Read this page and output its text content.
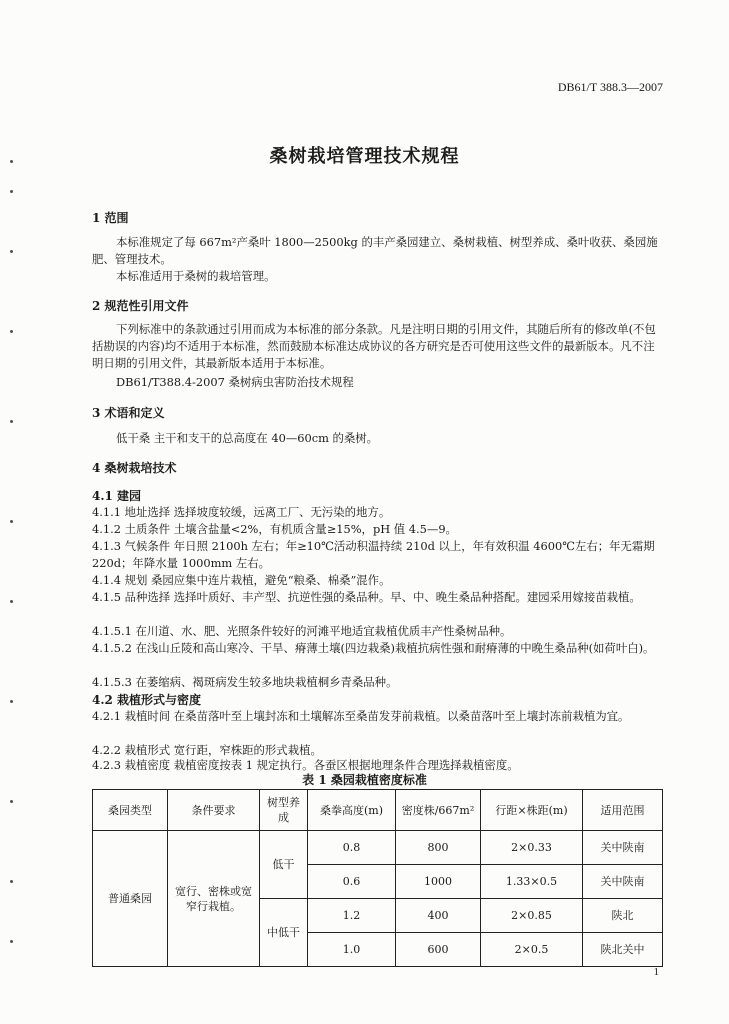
DB61/T 388.3—2007
桑树栽培管理技术规程
1 范围
本标准规定了每 667m²产桑叶 1800—2500kg 的丰产桑园建立、桑树栽植、树型养成、桑叶收获、桑园施肥、管理技术。
本标准适用于桑树的栽培管理。
2 规范性引用文件
下列标准中的条款通过引用而成为本标准的部分条款。凡是注明日期的引用文件，其随后所有的修改单(不包括勘误的内容)均不适用于本标准，然而鼓励本标准达成协议的各方研究是否可使用这些文件的最新版本。凡不注明日期的引用文件，其最新版本适用于本标准。
DB61/T388.4-2007 桑树病虫害防治技术规程
3 术语和定义
低干桑 主干和支干的总高度在 40—60cm 的桑树。
4 桑树栽培技术
4.1 建园
4.1.1 地址选择 选择坡度较缓，远离工厂、无污染的地方。
4.1.2 土质条件 土壤含盐量<2%，有机质含量≥15%，pH 值 4.5—9。
4.1.3 气候条件 年日照 2100h 左右；年≥10℃活动积温持续 210d 以上，年有效积温 4600℃左右；年无霜期 220d；年降水量 1000mm 左右。
4.1.4 规划 桑园应集中连片栽植，避免“粮桑、棉桑”混作。
4.1.5 品种选择 选择叶质好、丰产型、抗逆性强的桑品种。早、中、晚生桑品种搭配。建园采用嫁接苗栽植。
4.1.5.1 在川道、水、肥、光照条件较好的河滩平地适宜栽植优质丰产性桑树品种。
4.1.5.2 在浅山丘陵和高山寒冷、干旱、瘠薄土壤(四边栽桑)栽植抗病性强和耐瘠薄的中晚生桑品种(如荷叶白)。
4.1.5.3 在萎缩病、褐斑病发生较多地块栽植桐乡青桑品种。
4.2 栽植形式与密度
4.2.1 栽植时间 在桑苗落叶至上壤封冻和土壤解冻至桑苗发芽前栽植。以桑苗落叶至上壤封冻前栽植为宜。
4.2.2 栽植形式 宽行距，窄株距的形式栽植。
4.2.3 栽植密度 栽植密度按表 1 规定执行。各蚕区根据地理条件合理选择栽植密度。
表 1 桑园栽植密度标准
桑园类型	条件要求	树型养成	桑拳高度(m)	密度株/667m²	行距×株距(m)	适用范围
普通桑园	宽行、密株或宽窄行栽植。	低干	0.8	800	2×0.33	关中陕南
			0.6	1000	1.33×0.5	关中陕南
		中低干	1.2	400	2×0.85	陕北
			1.0	600	2×0.5	陕北关中
1
